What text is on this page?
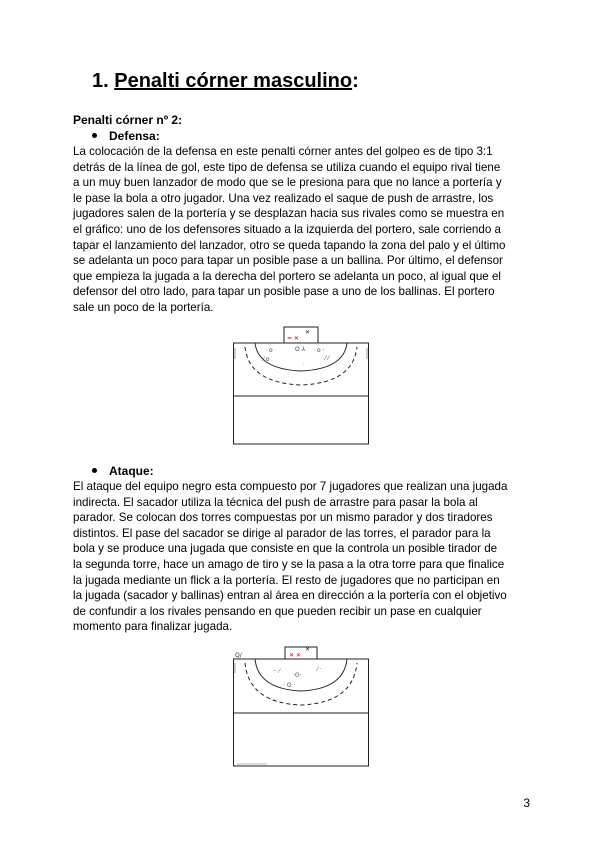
1. Penalti córner masculino:
Penalti córner nº 2:
Defensa:
La colocación de la defensa en este penalti córner antes del golpeo es de tipo 3:1
detrás de la línea de gol, este tipo de defensa se utiliza cuando el equipo rival tiene
a un muy buen lanzador de modo que se le presiona para que no lance a portería y
le pase la bola a otro jugador. Una vez realizado el saque de push de arrastre, los
jugadores salen de la portería y se desplazan hacia sus rivales como se muestra en
el gráfico: uno de los defensores situado a la izquierda del portero, sale corriendo a
tapar el lanzamiento del lanzador, otro se queda tapando la zona del palo y el último
se adelanta un poco para tapar un posible pase a un ballina. Por último, el defensor
que empieza la jugada a la derecha del portero se adelanta un poco, al igual que el
defensor del otro lado, para tapar un posible pase a uno de los ballinas. El portero
sale un poco de la portería.
≈ ✕
✕
ʘ ⅄
o
⁄ o
o ·
⁄ ⁄
·
Ataque:
El ataque del equipo negro esta compuesto por 7 jugadores que realizan una jugada
indirecta. El sacador utiliza la técnica del push de arrastre para pasar la bola al
parador. Se colocan dos torres compuestas por un mismo parador y dos tiradores
distintos. El pase del sacador se dirige al parador de las torres, el parador para la
bola y se produce una jugada que consiste en que la controla un posible tirador de
la segunda torre, hace un amago de tiro y se la pasa a la otra torre para que finalice
la jugada mediante un flick a la portería. El resto de jugadores que no participan en
la jugada (sacador y ballinas) entran al área en dirección a la portería con el objetivo
de confundir a los rivales pensando en que pueden recibir un pase en cualquier
momento para finalizar jugada.
Q/	✕ ✕
✕
·· ⁄
·ʘ·
⁄ ·
· ʘ ·
3
